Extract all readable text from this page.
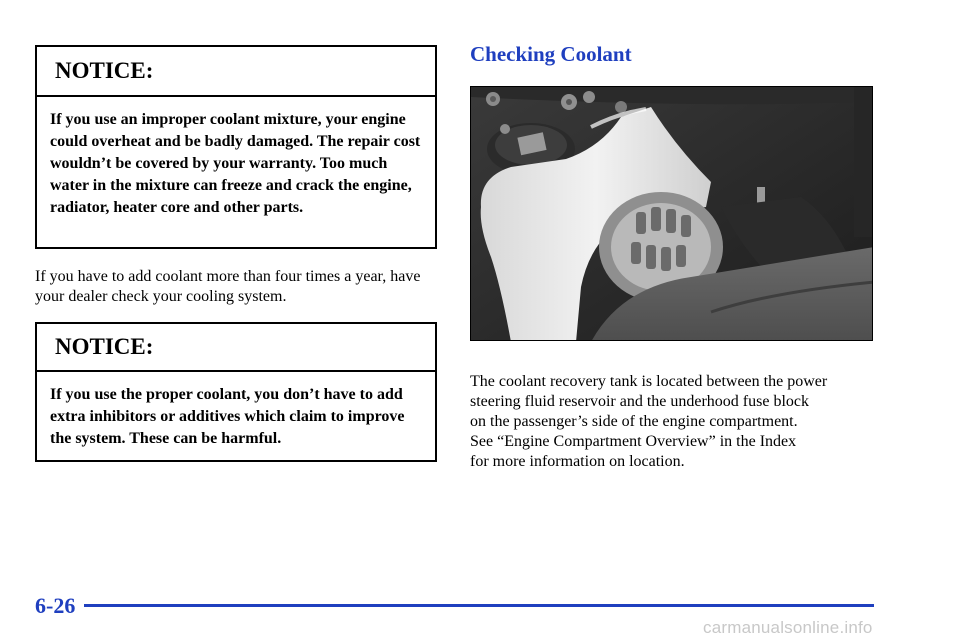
NOTICE:
If you use an improper coolant mixture, your engine could overheat and be badly damaged. The repair cost wouldn’t be covered by your warranty. Too much water in the mixture can freeze and crack the engine, radiator, heater core and other parts.
If you have to add coolant more than four times a year, have your dealer check your cooling system.
NOTICE:
If you use the proper coolant, you don’t have to add extra inhibitors or additives which claim to improve the system. These can be harmful.
Checking Coolant
The coolant recovery tank is located between the power
steering fluid reservoir and the underhood fuse block
on the passenger’s side of the engine compartment.
See “Engine Compartment Overview” in the Index
for more information on location.
6-26
carmanualsonline.info
